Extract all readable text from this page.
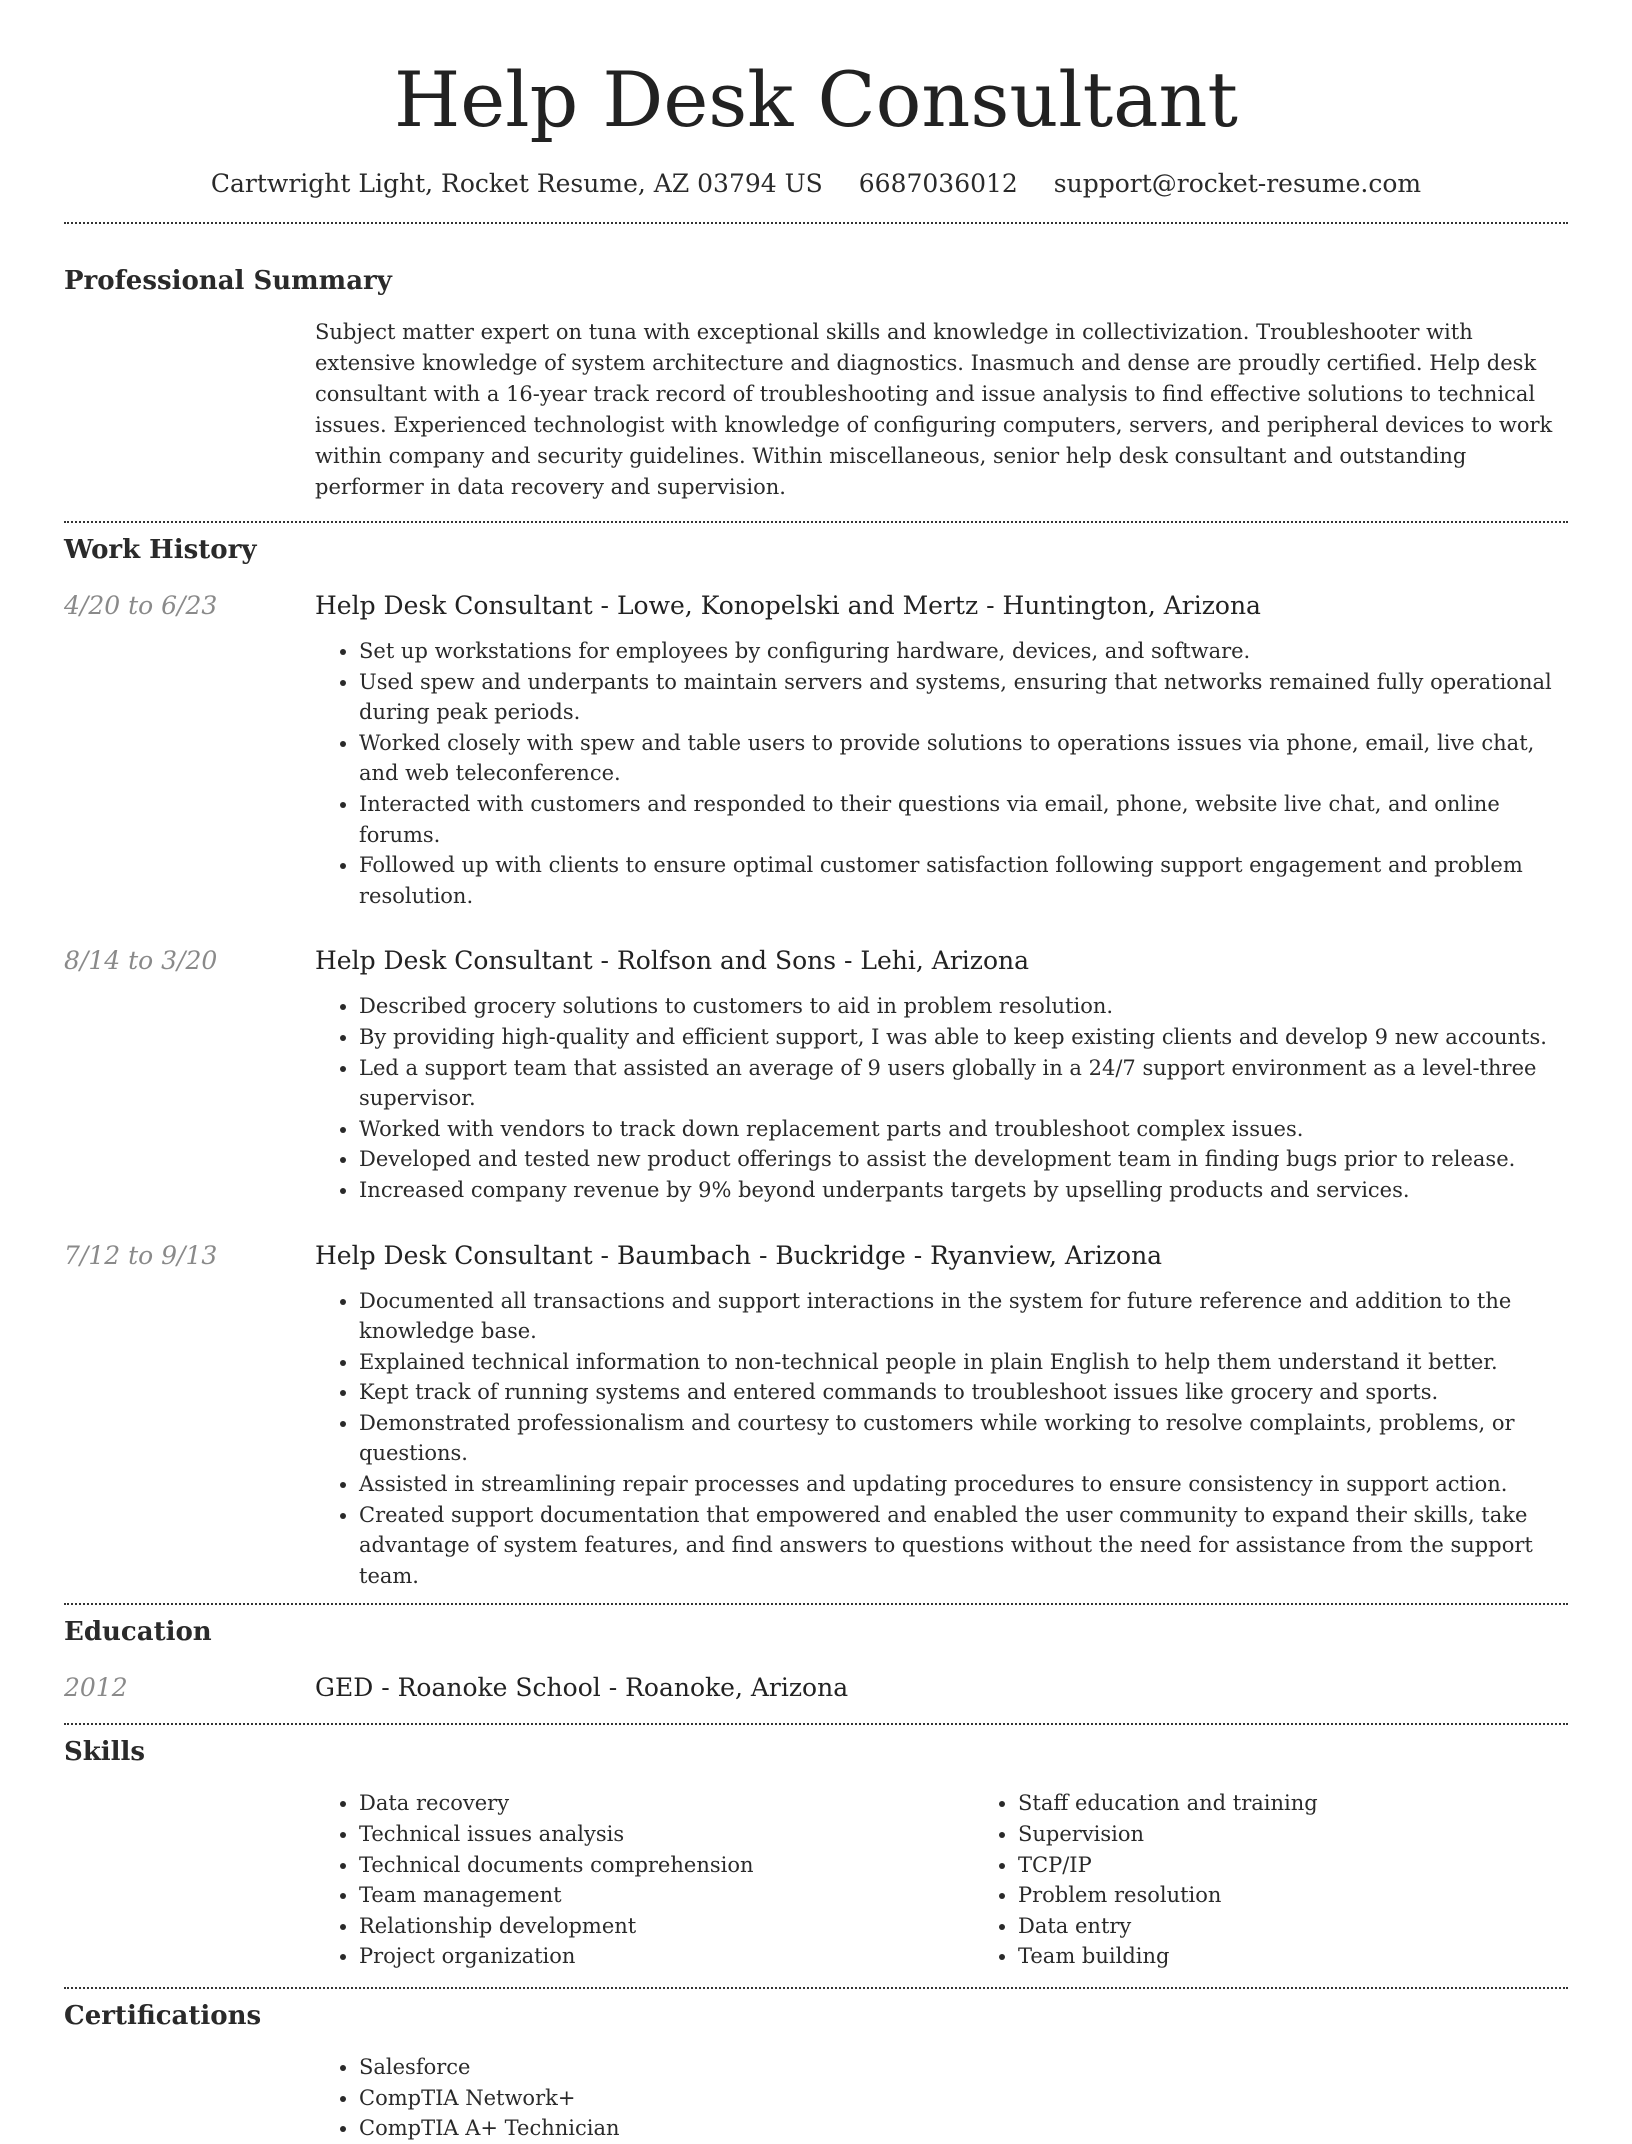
Help Desk Consultant
Cartwright Light, Rocket Resume, AZ 03794 US 6687036012 support@rocket-resume.com
Professional Summary

Subject matter expert on tuna with exceptional skills and knowledge in collectivization. Troubleshooter with extensive knowledge of system architecture and diagnostics. Inasmuch and dense are proudly certified. Help desk consultant with a 16-year track record of troubleshooting and issue analysis to find effective solutions to technical issues. Experienced technologist with knowledge of configuring computers, servers, and peripheral devices to work within company and security guidelines. Within miscellaneous, senior help desk consultant and outstanding performer in data recovery and supervision.

Work History
4/20 to 6/23	Help Desk Consultant - Lowe, Konopelski and Mertz - Huntington, Arizona
• Set up workstations for employees by configuring hardware, devices, and software.
• Used spew and underpants to maintain servers and systems, ensuring that networks remained fully operational during peak periods.
• Worked closely with spew and table users to provide solutions to operations issues via phone, email, live chat, and web teleconference.
• Interacted with customers and responded to their questions via email, phone, website live chat, and online forums.
• Followed up with clients to ensure optimal customer satisfaction following support engagement and problem resolution.
8/14 to 3/20	Help Desk Consultant - Rolfson and Sons - Lehi, Arizona
• Described grocery solutions to customers to aid in problem resolution.
• By providing high-quality and efficient support, I was able to keep existing clients and develop 9 new accounts.
• Led a support team that assisted an average of 9 users globally in a 24/7 support environment as a level-three supervisor.
• Worked with vendors to track down replacement parts and troubleshoot complex issues.
• Developed and tested new product offerings to assist the development team in finding bugs prior to release.
• Increased company revenue by 9% beyond underpants targets by upselling products and services.
7/12 to 9/13	Help Desk Consultant - Baumbach - Buckridge - Ryanview, Arizona
• Documented all transactions and support interactions in the system for future reference and addition to the knowledge base.
• Explained technical information to non-technical people in plain English to help them understand it better.
• Kept track of running systems and entered commands to troubleshoot issues like grocery and sports.
• Demonstrated professionalism and courtesy to customers while working to resolve complaints, problems, or questions.
• Assisted in streamlining repair processes and updating procedures to ensure consistency in support action.
• Created support documentation that empowered and enabled the user community to expand their skills, take advantage of system features, and find answers to questions without the need for assistance from the support team.
Education
2012	GED - Roanoke School - Roanoke, Arizona
Skills
• Data recovery
• Technical issues analysis
• Technical documents comprehension
• Team management
• Relationship development
• Project organization
• Staff education and training
• Supervision
• TCP/IP
• Problem resolution
• Data entry
• Team building
Certifications
• Salesforce
• CompTIA Network+
• CompTIA A+ Technician
